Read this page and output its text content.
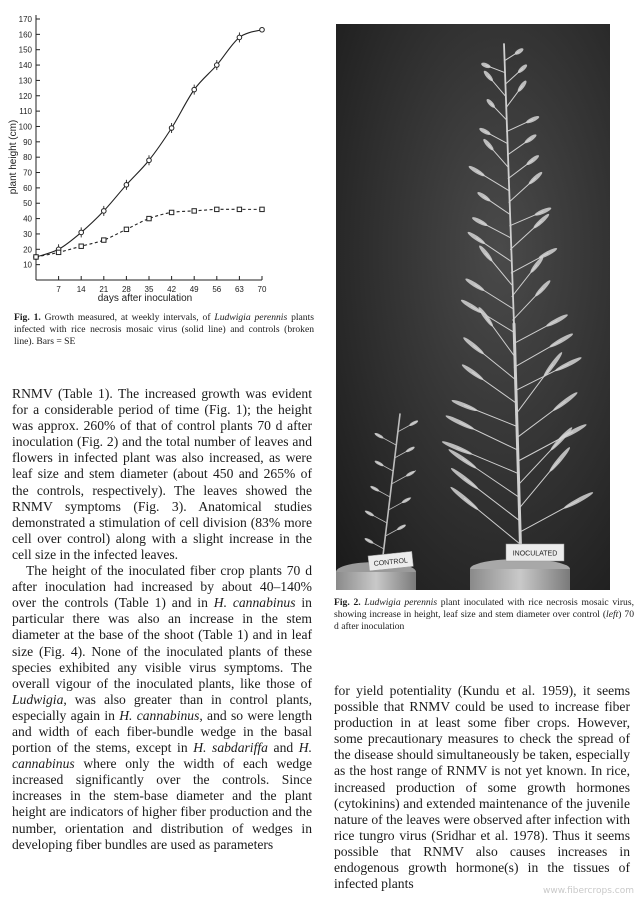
10
20
30
40
50
60
70
80
90
100
110
120
130
140
150
160
170
7 14 21 28 35 42 49 56 63 70
plant height (cm)
days after inoculation
Fig. 1. Growth measured, at weekly intervals, of Ludwigia perennis plants infected with rice necrosis mosaic virus (solid line) and controls (broken line). Bars = SE
CONTROL
INOCULATED
Fig. 2. Ludwigia perennis plant inoculated with rice necrosis mosaic virus, showing increase in height, leaf size and stem diameter over control (left) 70 d after inoculation

RNMV (Table 1). The increased growth was evident for a considerable period of time (Fig. 1); the height was approx. 260% of that of control plants 70 d after inoculation (Fig. 2) and the total number of leaves and flowers in infected plant was also increased, as were leaf size and stem diameter (about 450 and 265% of the controls, respectively). The leaves showed the RNMV symptoms (Fig. 3). Anatomical studies demonstrated a stimulation of cell division (83% more cell over control) along with a slight increase in the cell size in the infected leaves.

The height of the inoculated fiber crop plants 70 d after inoculation had increased by about 40–140% over the controls (Table 1) and in H. cannabinus in particular there was also an increase in the stem diameter at the base of the shoot (Table 1) and in leaf size (Fig. 4). None of the inoculated plants of these species exhibited any visible virus symptoms. The overall vigour of the inoculated plants, like those of Ludwigia, was also greater than in control plants, especially again in H. cannabinus, and so were length and width of each fiber-bundle wedge in the basal portion of the stems, except in H. sabdariffa and H. cannabinus where only the width of each wedge increased significantly over the controls. Since increases in the stem-base diameter and the plant height are indicators of higher fiber production and the number, orientation and distribution of wedges in developing fiber bundles are used as parameters

for yield potentiality (Kundu et al. 1959), it seems possible that RNMV could be used to increase fiber production in at least some fiber crops. However, some precautionary measures to check the spread of the disease should simultaneously be taken, especially as the host range of RNMV is not yet known. In rice, increased production of some growth hormones (cytokinins) and extended maintenance of the juvenile nature of the leaves were observed after infection with rice tungro virus (Sridhar et al. 1978). Thus it seems possible that RNMV also causes increases in endogenous growth hormone(s) in the tissues of infected plants	www.fibercrops.com
